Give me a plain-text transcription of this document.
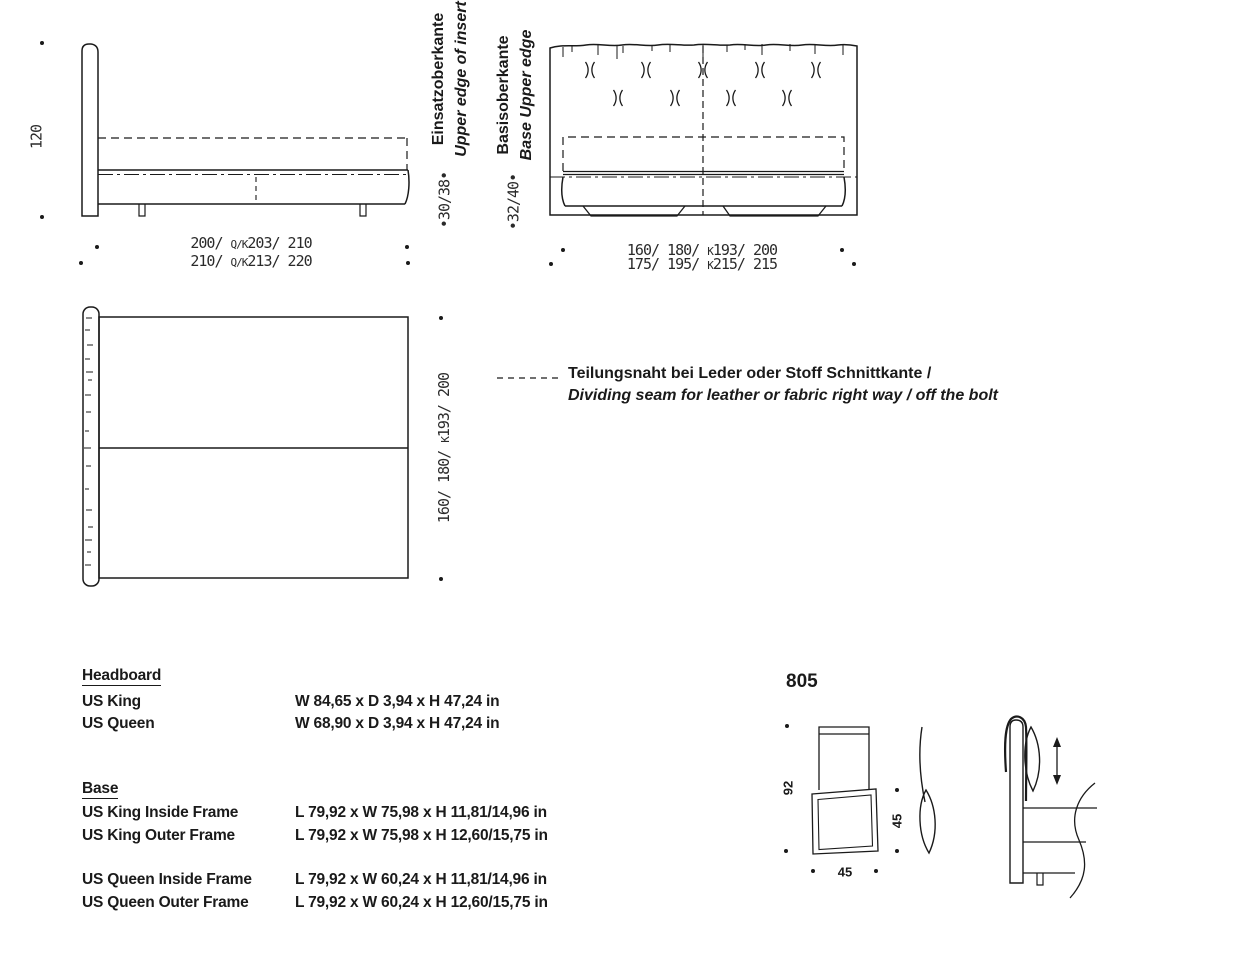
120
200/ Q/K203/ 210
210/ Q/K213/ 220
160/ 180/ K193/ 200
175/ 195/ K215/ 215
Einsatzoberkante Upper edge of insert
•30/38•
Basisoberkante Base Upper edge
•32/40•
160/ 180/ K193/ 200	Teilungsnaht bei Leder oder Stoff Schnittkante /
Dividing seam for leather or fabric right way / off the bolt
Headboard
US King	W 84,65 x D 3,94 x H 47,24 in
US Queen	W 68,90 x D 3,94 x H 47,24 in
Base
US King Inside Frame	L 79,92 x W 75,98 x H 11,81/14,96 in
US King Outer Frame	L 79,92 x W 75,98 x H 12,60/15,75 in
US Queen Inside Frame	L 79,92 x W 60,24 x H 11,81/14,96 in
US Queen Outer Frame	L 79,92 x W 60,24 x H 12,60/15,75 in
805
92
45
45
